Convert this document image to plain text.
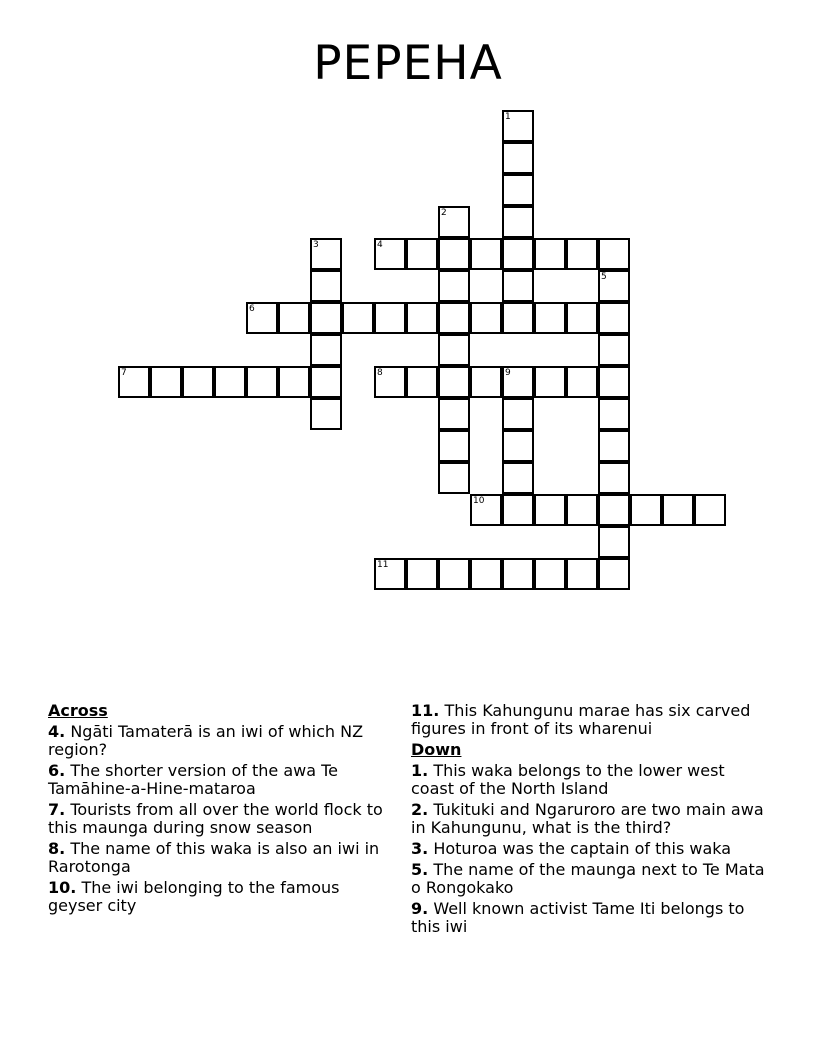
PEPEHA
1
2
3	4
5
6
7	8	9
10
11
Across
4. Ngāti Tamaterā is an iwi of which NZ region?
6. The shorter version of the awa Te Tamāhine-a-Hine-mataroa
7. Tourists from all over the world flock to this maunga during snow season
8. The name of this waka is also an iwi in Rarotonga
10. The iwi belonging to the famous geyser city
11. This Kahungunu marae has six carved figures in front of its wharenui
Down
1. This waka belongs to the lower west coast of the North Island
2. Tukituki and Ngaruroro are two main awa in Kahungunu, what is the third?
3. Hoturoa was the captain of this waka
5. The name of the maunga next to Te Mata o Rongokako
9. Well known activist Tame Iti belongs to this iwi
